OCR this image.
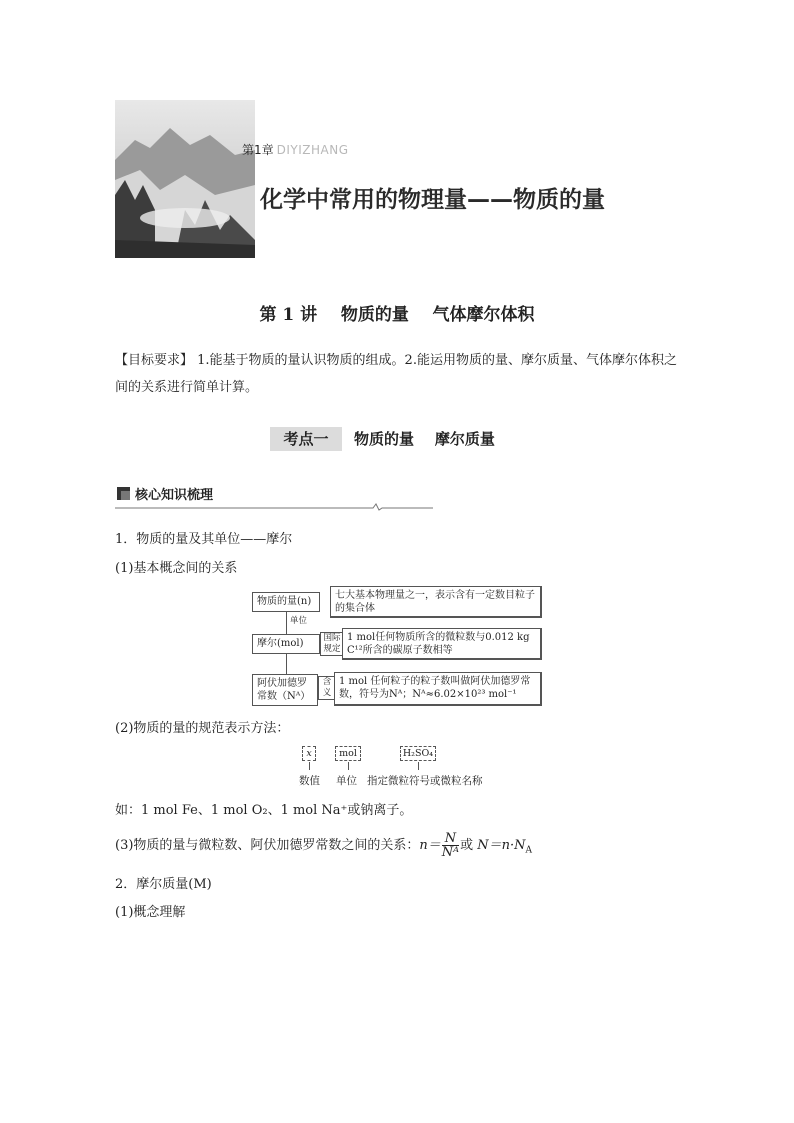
第1章 DIYIZHANG
化学中常用的物理量——物质的量
第 1 讲    物质的量    气体摩尔体积
【目标要求】 1.能基于物质的量认识物质的组成。2.能运用物质的量、摩尔质量、气体摩尔体积之间的关系进行简单计算。
考点一	物质的量    摩尔质量
核心知识梳理
1．物质的量及其单位——摩尔
(1)基本概念间的关系
物质的量(n)
七大基本物理量之一，表示含有一定数目粒子的集合体
单位
摩尔(mol)	国际规定
1 mol任何物质所含的微粒数与0.012 kg C¹²所含的碳原子数相等
阿伏加德罗常数（Nᴬ）
含义
1 mol 任何粒子的粒子数叫做阿伏加德罗常数，符号为Nᴬ；Nᴬ≈6.02×10²³ mol⁻¹
(2)物质的量的规范表示方法：
x	mol	H₂SO₄
数值 单位 指定微粒符号或微粒名称
如：1 mol Fe、1 mol O₂、1 mol Na⁺或钠离子。
(3)物质的量与微粒数、阿伏加德罗常数之间的关系：$n= \frac{N}{\text{Nᴬ}}$ 或 $N=n\cdot N_A$
2．摩尔质量(M)
(1)概念理解
